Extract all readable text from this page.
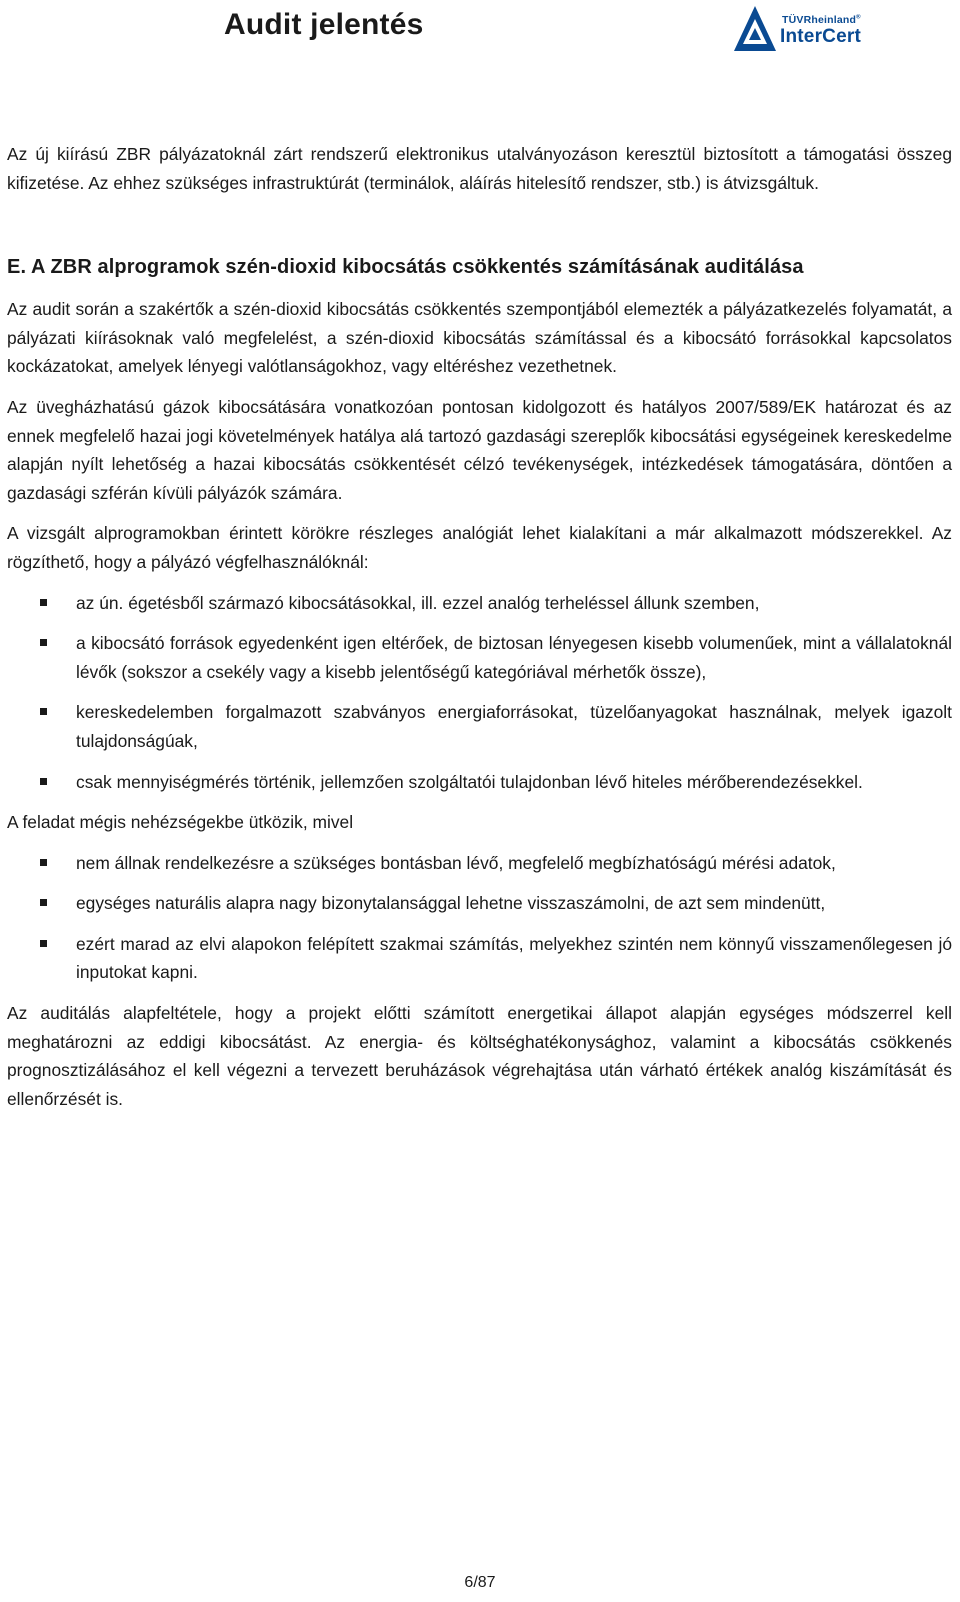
Audit jelentés	TÜVRheinland®
InterCert

Az új kiírású ZBR pályázatoknál zárt rendszerű elektronikus utalványozáson keresztül biztosított a támogatási összeg kifizetése. Az ehhez szükséges infrastruktúrát (terminálok, aláírás hitelesítő rendszer, stb.) is átvizsgáltuk.

E. A ZBR alprogramok szén-dioxid kibocsátás csökkentés számításának auditálása

Az audit során a szakértők a szén-dioxid kibocsátás csökkentés szempontjából elemezték a pályázatkezelés folyamatát, a pályázati kiírásoknak való megfelelést, a szén-dioxid kibocsátás számítással és a kibocsátó forrásokkal kapcsolatos kockázatokat, amelyek lényegi valótlanságokhoz, vagy eltéréshez vezethetnek.

Az üvegházhatású gázok kibocsátására vonatkozóan pontosan kidolgozott és hatályos 2007/589/EK határozat és az ennek megfelelő hazai jogi követelmények hatálya alá tartozó gazdasági szereplők kibocsátási egységeinek kereskedelme alapján nyílt lehetőség a hazai kibocsátás csökkentését célzó tevékenységek, intézkedések támogatására, döntően a gazdasági szférán kívüli pályázók számára.

A vizsgált alprogramokban érintett körökre részleges analógiát lehet kialakítani a már alkalmazott módszerekkel. Az rögzíthető, hogy a pályázó végfelhasználóknál:

az ún. égetésből származó kibocsátásokkal, ill. ezzel analóg terheléssel állunk szemben,
a kibocsátó források egyedenként igen eltérőek, de biztosan lényegesen kisebb volumenűek, mint a vállalatoknál lévők (sokszor a csekély vagy a kisebb jelentőségű kategóriával mérhetők össze),
kereskedelemben forgalmazott szabványos energiaforrásokat, tüzelőanyagokat használnak, melyek igazolt tulajdonságúak,
csak mennyiségmérés történik, jellemzően szolgáltatói tulajdonban lévő hiteles mérőberendezésekkel.

A feladat mégis nehézségekbe ütközik, mivel

nem állnak rendelkezésre a szükséges bontásban lévő, megfelelő megbízhatóságú mérési adatok,
egységes naturális alapra nagy bizonytalansággal lehetne visszaszámolni, de azt sem mindenütt,
ezért marad az elvi alapokon felépített szakmai számítás, melyekhez szintén nem könnyű visszamenőlegesen jó inputokat kapni.

Az auditálás alapfeltétele, hogy a projekt előtti számított energetikai állapot alapján egységes módszerrel kell meghatározni az eddigi kibocsátást. Az energia- és költséghatékonysághoz, valamint a kibocsátás csökkenés prognosztizálásához el kell végezni a tervezett beruházások végrehajtása után várható értékek analóg kiszámítását és ellenőrzését is.

6/87
